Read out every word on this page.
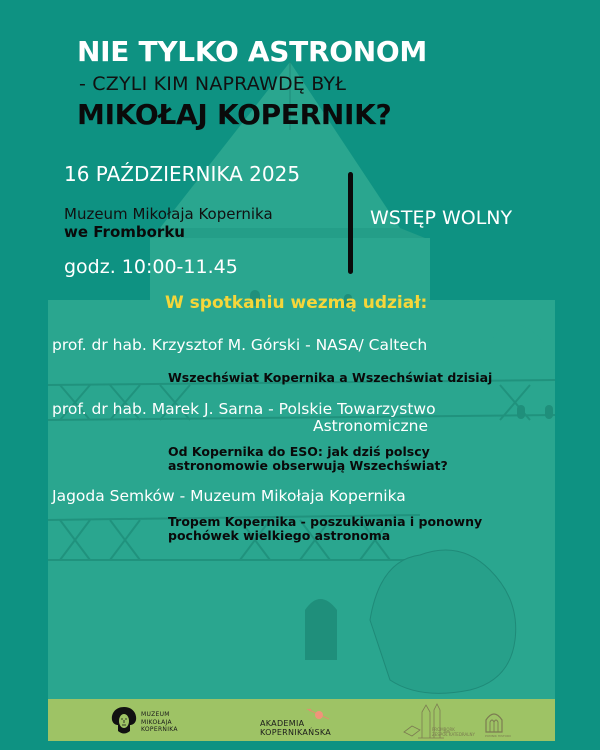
NIE TYLKO ASTRONOM
- CZYLI KIM NAPRAWDĘ BYŁ
MIKOŁAJ KOPERNIK?
16 PAŹDZIERNIKA 2025
Muzeum Mikołaja Kopernika
we Fromborku
godz. 10:00-11.45
WSTĘP WOLNY
W spotkaniu wezmą udział:
prof. dr hab. Krzysztof M. Górski - NASA/ Caltech
Wszechświat Kopernika a Wszechświat dzisiaj
prof. dr hab. Marek J. Sarna - Polskie Towarzystwo
Astronomiczne
Od Kopernika do ESO: jak dziś polscy
astronomowie obserwują Wszechświat?
Jagoda Semków - Muzeum Mikołaja Kopernika
Tropem Kopernika - poszukiwania i ponowny
pochówek wielkiego astronoma
MUZEUM
MIKOŁAJA
KOPERNIKA
AKADEMIA
KOPERNIKAŃSKA	FROMBORK
ZESPÓŁ KATEDRALNY	POMNIK HISTORII
